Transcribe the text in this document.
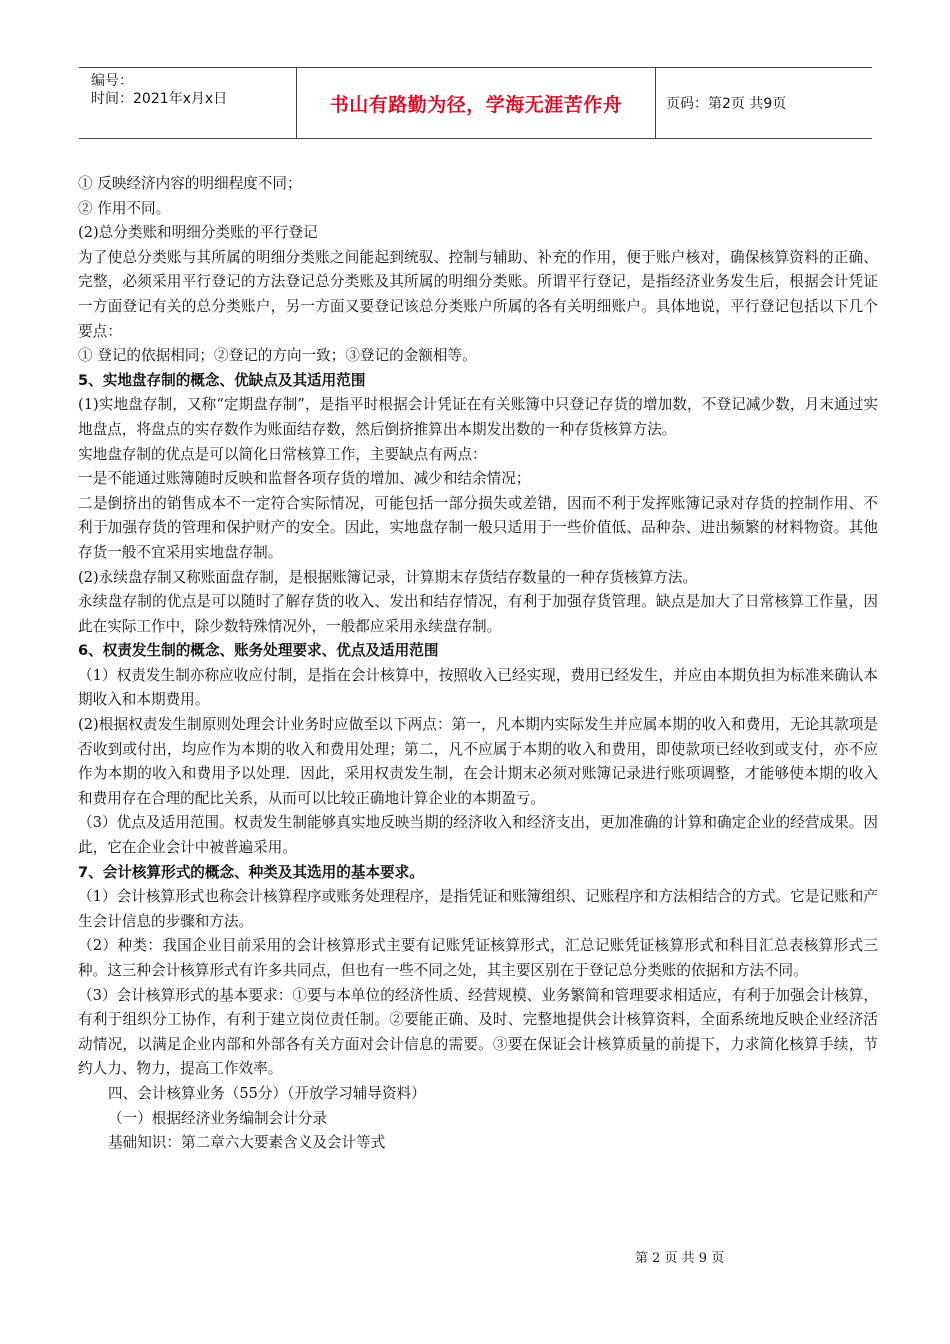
编号：
时间：2021年x月x日	书山有路勤为径，学海无涯苦作舟	页码：第2页 共9页

① 反映经济内容的明细程度不同；

② 作用不同。

(2)总分类账和明细分类账的平行登记

为了使总分类账与其所属的明细分类账之间能起到统驭、控制与辅助、补充的作用，便于账户核对，确保核算资料的正确、完整，必须采用平行登记的方法登记总分类账及其所属的明细分类账。所谓平行登记，是指经济业务发生后，根据会计凭证一方面登记有关的总分类账户，另一方面又要登记该总分类账户所属的各有关明细账户。具体地说，平行登记包括以下几个要点：

① 登记的依据相同；②登记的方向一致；③登记的金额相等。

5、实地盘存制的概念、优缺点及其适用范围

(1)实地盘存制，又称“定期盘存制”，是指平时根据会计凭证在有关账簿中只登记存货的增加数，不登记减少数，月末通过实地盘点，将盘点的实存数作为账面结存数，然后倒挤推算出本期发出数的一种存货核算方法。

实地盘存制的优点是可以简化日常核算工作，主要缺点有两点：

一是不能通过账簿随时反映和监督各项存货的增加、减少和结余情况；

二是倒挤出的销售成本不一定符合实际情况，可能包括一部分损失或差错，因而不利于发挥账簿记录对存货的控制作用、不利于加强存货的管理和保护财产的安全。因此，实地盘存制一般只适用于一些价值低、品种杂、进出频繁的材料物资。其他存货一般不宜采用实地盘存制。

(2)永续盘存制又称账面盘存制，是根据账簿记录，计算期末存货结存数量的一种存货核算方法。

永续盘存制的优点是可以随时了解存货的收入、发出和结存情况，有利于加强存货管理。缺点是加大了日常核算工作量，因此在实际工作中，除少数特殊情况外，一般都应采用永续盘存制。

6、权责发生制的概念、账务处理要求、优点及适用范围

（1）权责发生制亦称应收应付制，是指在会计核算中，按照收入已经实现，费用已经发生，并应由本期负担为标准来确认本期收入和本期费用。

(2)根据权责发生制原则处理会计业务时应做至以下两点：第一，凡本期内实际发生并应属本期的收入和费用，无论其款项是否收到或付出，均应作为本期的收入和费用处理；第二，凡不应属于本期的收入和费用，即使款项已经收到或支付，亦不应作为本期的收入和费用予以处理．因此，采用权责发生制，在会计期末必须对账簿记录进行账项调整，才能够使本期的收入和费用存在合理的配比关系，从而可以比较正确地计算企业的本期盈亏。

（3）优点及适用范围。权责发生制能够真实地反映当期的经济收入和经济支出，更加准确的计算和确定企业的经营成果。因此，它在企业会计中被普遍采用。

7、会计核算形式的概念、种类及其选用的基本要求。

（1）会计核算形式也称会计核算程序或账务处理程序，是指凭证和账簿组织、记账程序和方法相结合的方式。它是记账和产生会计信息的步骤和方法。

（2）种类：我国企业目前采用的会计核算形式主要有记账凭证核算形式，汇总记账凭证核算形式和科目汇总表核算形式三种。这三种会计核算形式有许多共同点，但也有一些不同之处，其主要区别在于登记总分类账的依据和方法不同。

（3）会计核算形式的基本要求：①要与本单位的经济性质、经营规模、业务繁简和管理要求相适应，有利于加强会计核算，有利于组织分工协作，有利于建立岗位责任制。②要能正确、及时、完整地提供会计核算资料，全面系统地反映企业经济活动情况，以满足企业内部和外部各有关方面对会计信息的需要。③要在保证会计核算质量的前提下，力求简化核算手续，节约人力、物力，提高工作效率。

四、会计核算业务（55分）（开放学习辅导资料）

（一）根据经济业务编制会计分录

基础知识：第二章六大要素含义及会计等式

第 2 页 共 9 页
